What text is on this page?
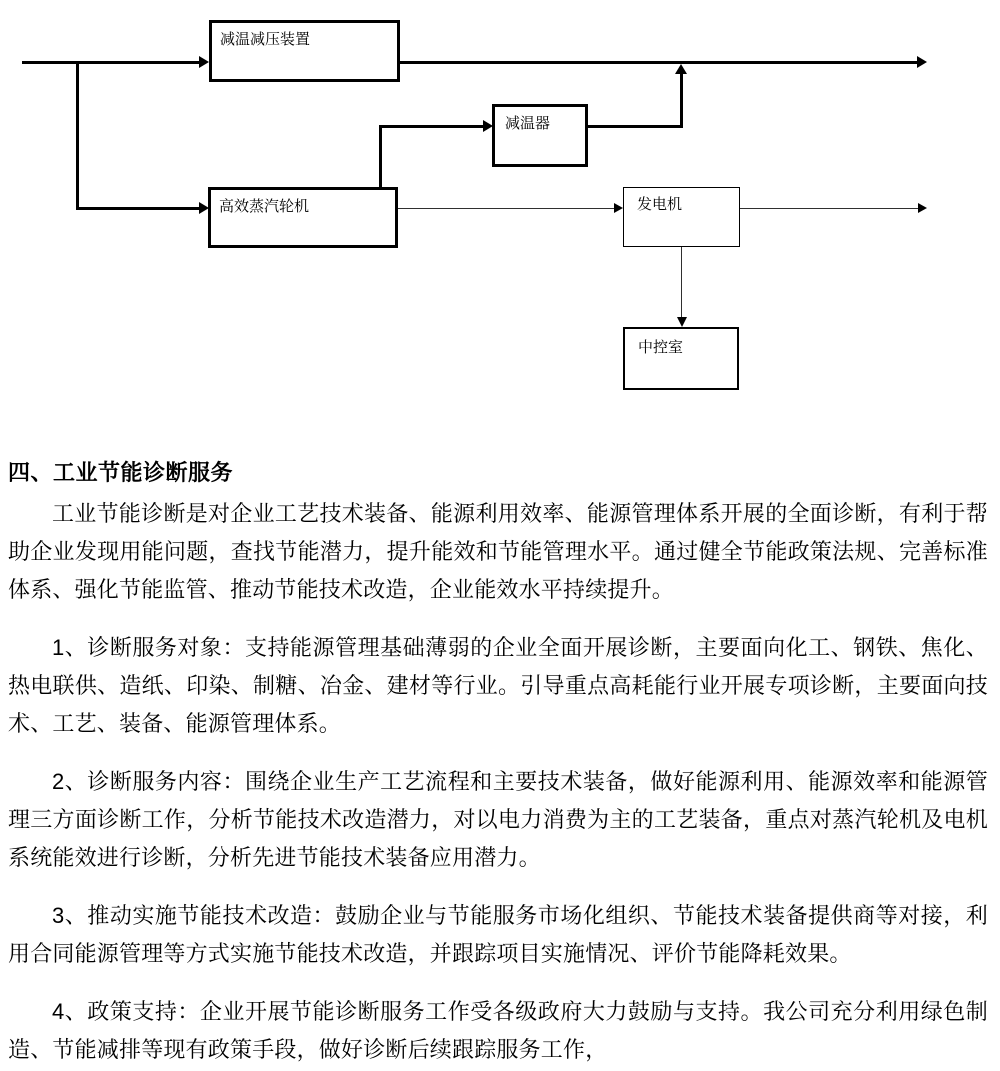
减温减压装置
减温器
高效蒸汽轮机	发电机
中控室
四、工业节能诊断服务

工业节能诊断是对企业工艺技术装备、能源利用效率、能源管理体系开展的全面诊断，有利于帮助企业发现用能问题，查找节能潜力，提升能效和节能管理水平。通过健全节能政策法规、完善标准体系、强化节能监管、推动节能技术改造，企业能效水平持续提升。

1、诊断服务对象：支持能源管理基础薄弱的企业全面开展诊断，主要面向化工、钢铁、焦化、热电联供、造纸、印染、制糖、冶金、建材等行业。引导重点高耗能行业开展专项诊断，主要面向技术、工艺、装备、能源管理体系。

2、诊断服务内容：围绕企业生产工艺流程和主要技术装备，做好能源利用、能源效率和能源管理三方面诊断工作，分析节能技术改造潜力，对以电力消费为主的工艺装备，重点对蒸汽轮机及电机系统能效进行诊断，分析先进节能技术装备应用潜力。

3、推动实施节能技术改造：鼓励企业与节能服务市场化组织、节能技术装备提供商等对接，利用合同能源管理等方式实施节能技术改造，并跟踪项目实施情况、评价节能降耗效果。

4、政策支持：企业开展节能诊断服务工作受各级政府大力鼓励与支持。我公司充分利用绿色制造、节能减排等现有政策手段，做好诊断后续跟踪服务工作，
